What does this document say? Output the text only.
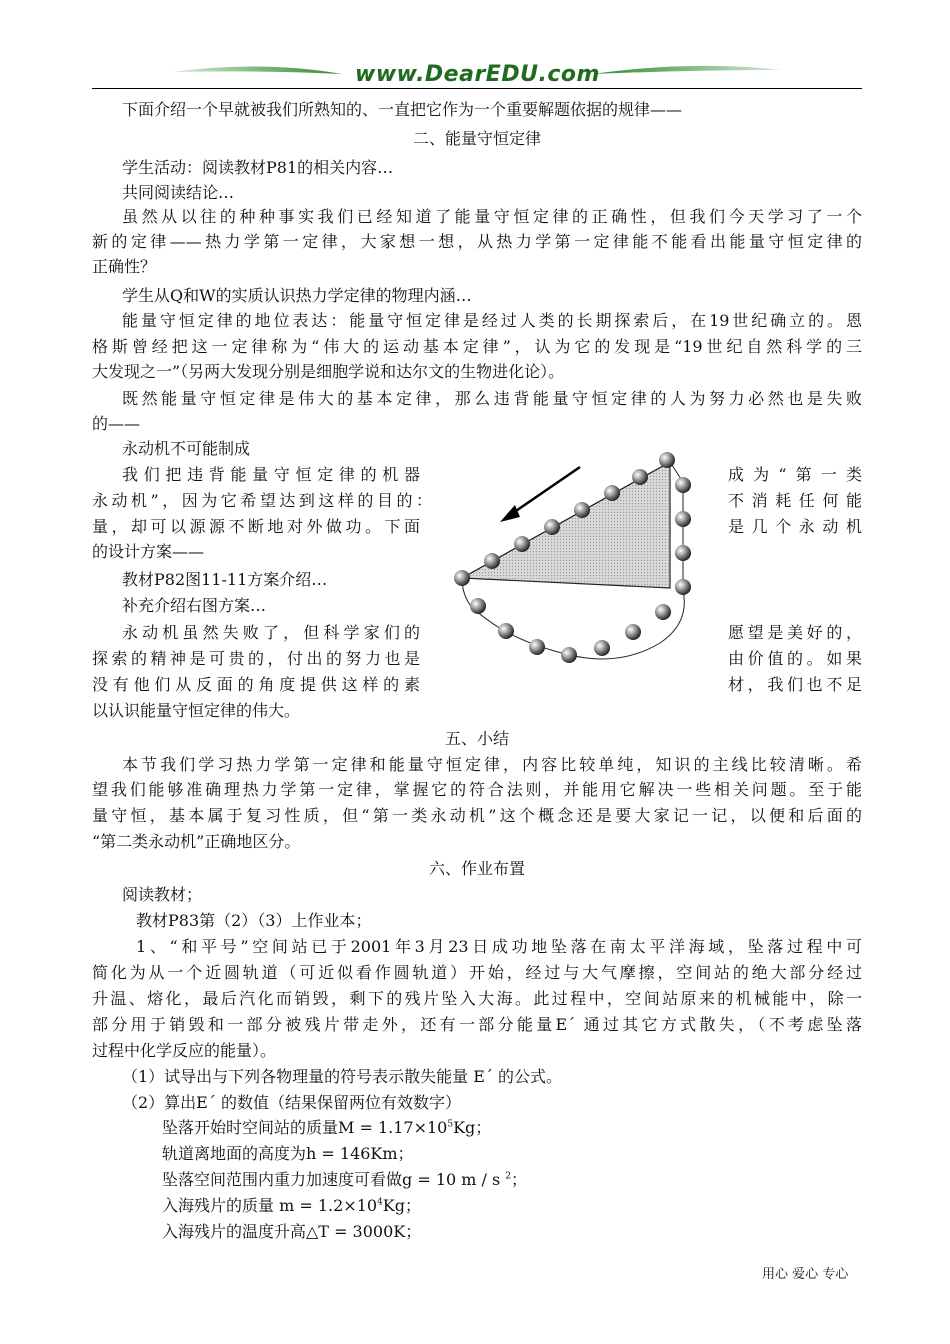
www.DearEDU.com
下面介绍一个早就被我们所熟知的、一直把它作为一个重要解题依据的规律——
二、能量守恒定律
学生活动：阅读教材P81的相关内容…
共同阅读结论…
虽然从以往的种种事实我们已经知道了能量守恒定律的正确性，但我们今天学习了一个
新的定律——热力学第一定律，大家想一想，从热力学第一定律能不能看出能量守恒定律的
正确性？
学生从Q和W的实质认识热力学定律的物理内涵…
能量守恒定律的地位表达：能量守恒定律是经过人类的长期探索后，在19世纪确立的。恩
格斯曾经把这一定律称为“伟大的运动基本定律”，认为它的发现是“19世纪自然科学的三
大发现之一”（另两大发现分别是细胞学说和达尔文的生物进化论）。
既然能量守恒定律是伟大的基本定律，那么违背能量守恒定律的人为努力必然也是失败
的——
永动机不可能制成
我们把违背能量守恒定律的机器	成为“第一类
永动机”，因为它希望达到这样的目的：	不消耗任何能
量，却可以源源不断地对外做功。下面	是几个永动机
的设计方案——
教材P82图11-11方案介绍…
补充介绍右图方案…
永动机虽然失败了，但科学家们的	愿望是美好的，
探索的精神是可贵的，付出的努力也是	由价值的。如果
没有他们从反面的角度提供这样的素	材，我们也不足
以认识能量守恒定律的伟大。
五、小结
本节我们学习热力学第一定律和能量守恒定律，内容比较单纯，知识的主线比较清晰。希
望我们能够准确理热力学第一定律，掌握它的符合法则，并能用它解决一些相关问题。至于能
量守恒，基本属于复习性质，但“第一类永动机”这个概念还是要大家记一记，以便和后面的
“第二类永动机”正确地区分。
六、作业布置
阅读教材；
教材P83第（2）（3）上作业本；
1、“和平号”空间站已于2001年3月23日成功地坠落在南太平洋海域，坠落过程中可
简化为从一个近圆轨道（可近似看作圆轨道）开始，经过与大气摩擦，空间站的绝大部分经过
升温、熔化，最后汽化而销毁，剩下的残片坠入大海。此过程中，空间站原来的机械能中，除一
部分用于销毁和一部分被残片带走外，还有一部分能量E´ 通过其它方式散失，（不考虑坠落
过程中化学反应的能量）。
（1）试导出与下列各物理量的符号表示散失能量 E´ 的公式。
（2）算出E´ 的数值（结果保留两位有效数字）
坠落开始时空间站的质量$M = 1.17\times 10^5Kg$；
轨道离地面的高度为h = 146Km；
坠落空间范围内重力加速度可看做g = 10 m / s $^2$；
入海残片的质量 $m = 1.2\times 10^4Kg$；
入海残片的温度升高△T = 3000K；
用心 爱心 专心
